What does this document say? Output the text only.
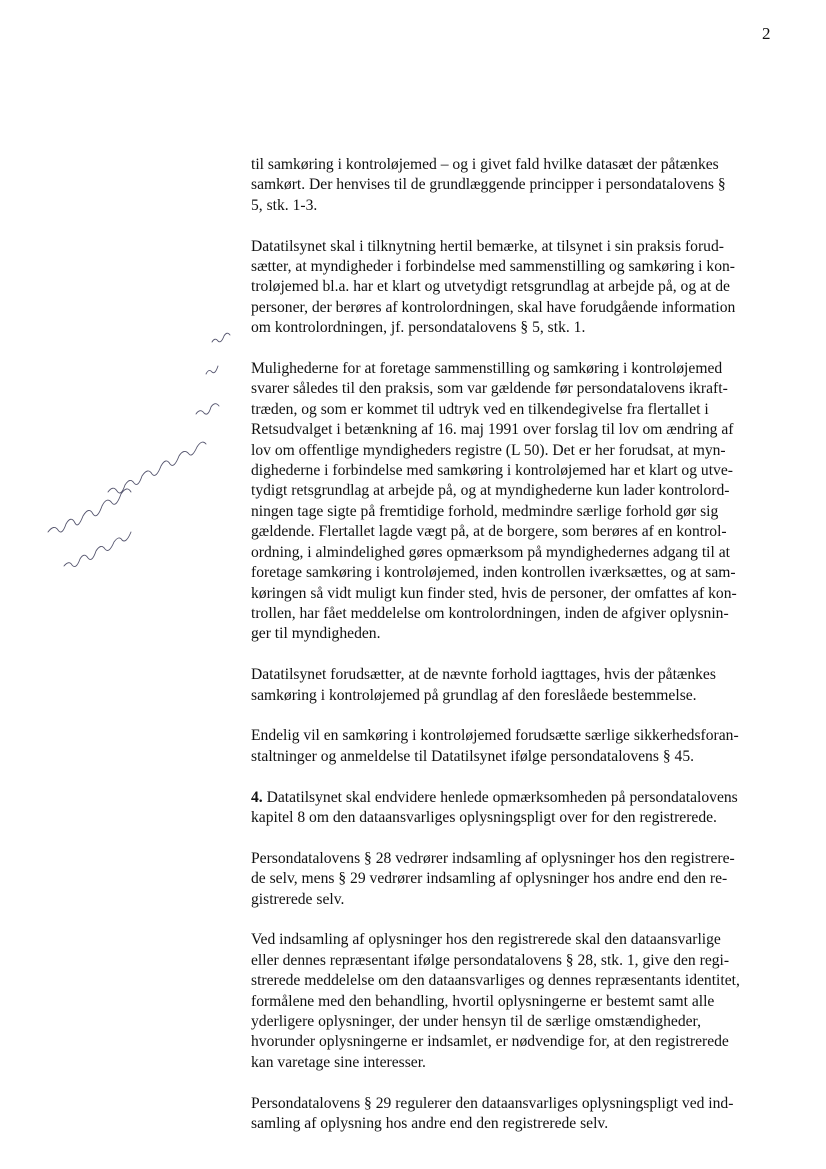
2

til samkøring i kontroløjemed – og i givet fald hvilke datasæt der påtænkes
samkørt. Der henvises til de grundlæggende principper i persondatalovens §
5, stk. 1-3.

Datatilsynet skal i tilknytning hertil bemærke, at tilsynet i sin praksis forud-
sætter, at myndigheder i forbindelse med sammenstilling og samkøring i kon-
troløjemed bl.a. har et klart og utvetydigt retsgrundlag at arbejde på, og at de
personer, der berøres af kontrolordningen, skal have forudgående information
om kontrolordningen, jf. persondatalovens § 5, stk. 1.

Mulighederne for at foretage sammenstilling og samkøring i kontroløjemed
svarer således til den praksis, som var gældende før persondatalovens ikraft-
træden, og som er kommet til udtryk ved en tilkendegivelse fra flertallet i
Retsudvalget i betænkning af 16. maj 1991 over forslag til lov om ændring af
lov om offentlige myndigheders registre (L 50). Det er her forudsat, at myn-
dighederne i forbindelse med samkøring i kontroløjemed har et klart og utve-
tydigt retsgrundlag at arbejde på, og at myndighederne kun lader kontrolord-
ningen tage sigte på fremtidige forhold, medmindre særlige forhold gør sig
gældende. Flertallet lagde vægt på, at de borgere, som berøres af en kontrol-
ordning, i almindelighed gøres opmærksom på myndighedernes adgang til at
foretage samkøring i kontroløjemed, inden kontrollen iværksættes, og at sam-
køringen så vidt muligt kun finder sted, hvis de personer, der omfattes af kon-
trollen, har fået meddelelse om kontrolordningen, inden de afgiver oplysnin-
ger til myndigheden.

Datatilsynet forudsætter, at de nævnte forhold iagttages, hvis der påtænkes
samkøring i kontroløjemed på grundlag af den foreslåede bestemmelse.

Endelig vil en samkøring i kontroløjemed forudsætte særlige sikkerhedsforan-
staltninger og anmeldelse til Datatilsynet ifølge persondatalovens § 45.

4. Datatilsynet skal endvidere henlede opmærksomheden på persondatalovens
kapitel 8 om den dataansvarliges oplysningspligt over for den registrerede.

Persondatalovens § 28 vedrører indsamling af oplysninger hos den registrere-
de selv, mens § 29 vedrører indsamling af oplysninger hos andre end den re-
gistrerede selv.

Ved indsamling af oplysninger hos den registrerede skal den dataansvarlige
eller dennes repræsentant ifølge persondatalovens § 28, stk. 1, give den regi-
strerede meddelelse om den dataansvarliges og dennes repræsentants identitet,
formålene med den behandling, hvortil oplysningerne er bestemt samt alle
yderligere oplysninger, der under hensyn til de særlige omstændigheder,
hvorunder oplysningerne er indsamlet, er nødvendige for, at den registrerede
kan varetage sine interesser.

Persondatalovens § 29 regulerer den dataansvarliges oplysningspligt ved ind-
samling af oplysning hos andre end den registrerede selv.
